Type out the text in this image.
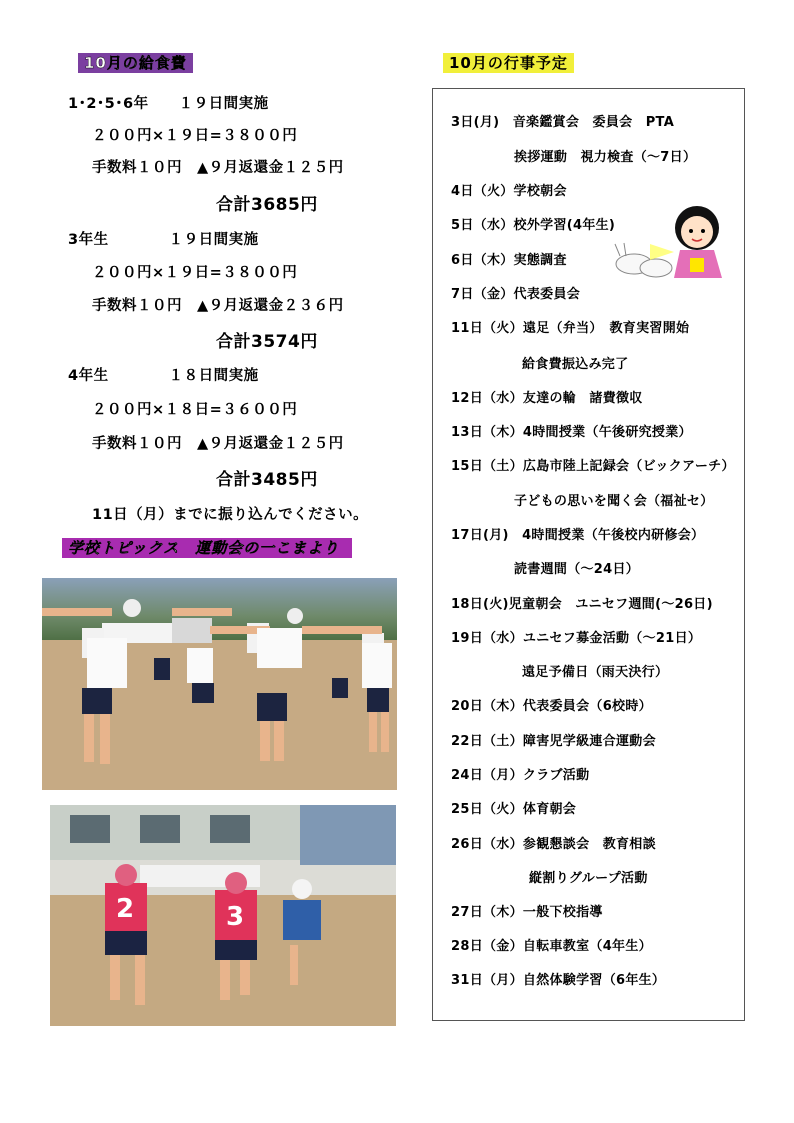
10月の給食費
1･2･5･6年　　１９日間実施
２００円×１９日=３８００円
手数料１０円　▲９月返還金１２５円
合計3685円
3年生　　　　１９日間実施
２００円×１９日=３８００円
手数料１０円　▲９月返還金２３６円
合計3574円
4年生　　　　１８日間実施
２００円×１８日=３６００円
手数料１０円　▲９月返還金１２５円
合計3485円
11日（月）までに振り込んでください。
学校トピックス　運動会の一こまより
2	3
10月の行事予定
3日(月)　音楽鑑賞会　委員会　PTA
挨拶運動　視力検査（～7日）
4日（火）学校朝会
5日（水）校外学習(4年生)
6日（木）実態調査
7日（金）代表委員会
11日（火）遠足（弁当）　教育実習開始
給食費振込み完了
12日（水）友達の輪　諸費徴収
13日（木）4時間授業（午後研究授業）
15日（土）広島市陸上記録会（ビックアーチ）
子どもの思いを聞く会（福祉セ）
17日(月)　4時間授業（午後校内研修会）
読書週間（～24日）
18日(火)児童朝会　ユニセフ週間(～26日)
19日（水）ユニセフ募金活動（～21日）
遠足予備日（雨天決行）
20日（木）代表委員会（6校時）
22日（土）障害児学級連合運動会
24日（月）クラブ活動
25日（火）体育朝会
26日（水）参観懇談会　教育相談
縦割りグループ活動
27日（木）一般下校指導
28日（金）自転車教室（4年生）
31日（月）自然体験学習（6年生）
